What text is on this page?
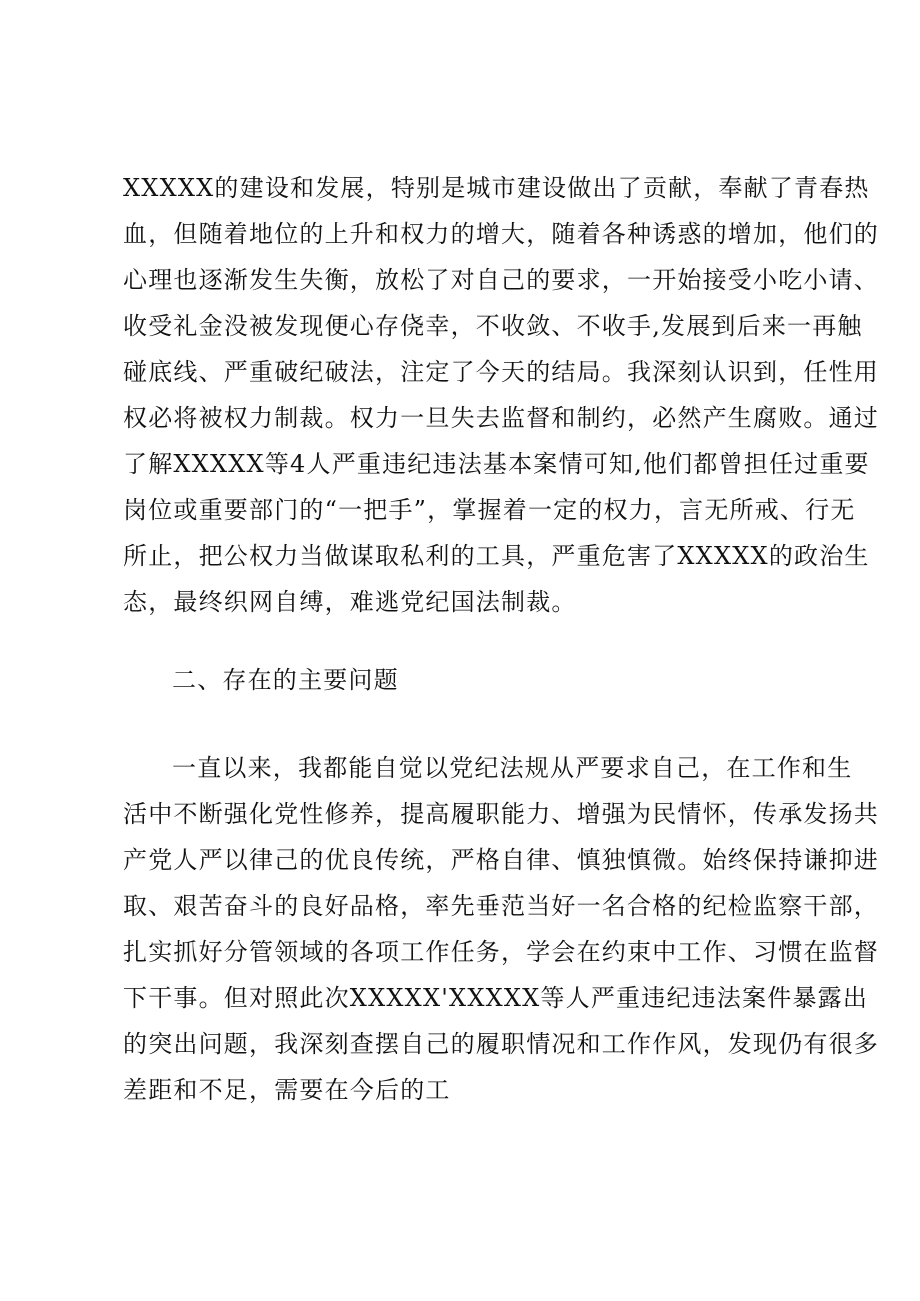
XXXXX的建设和发展，特别是城市建设做出了贡献，奉献了青春热
血，但随着地位的上升和权力的增大，随着各种诱惑的增加，他们的
心理也逐渐发生失衡，放松了对自己的要求，一开始接受小吃小请、
收受礼金没被发现便心存侥幸，不收敛、不收手,发展到后来一再触
碰底线、严重破纪破法，注定了今天的结局。我深刻认识到，任性用
权必将被权力制裁。权力一旦失去监督和制约，必然产生腐败。通过
了解XXXXX等4人严重违纪违法基本案情可知,他们都曾担任过重要
岗位或重要部门的“一把手”，掌握着一定的权力，言无所戒、行无
所止，把公权力当做谋取私利的工具，严重危害了XXXXX的政治生
态，最终织网自缚，难逃党纪国法制裁。
二、存在的主要问题
一直以来，我都能自觉以党纪法规从严要求自己，在工作和生
活中不断强化党性修养，提高履职能力、增强为民情怀，传承发扬共
产党人严以律己的优良传统，严格自律、慎独慎微。始终保持谦抑进
取、艰苦奋斗的良好品格，率先垂范当好一名合格的纪检监察干部，
扎实抓好分管领域的各项工作任务，学会在约束中工作、习惯在监督
下干事。但对照此次XXXXX'XXXXX等人严重违纪违法案件暴露出
的突出问题，我深刻查摆自己的履职情况和工作作风，发现仍有很多
差距和不足，需要在今后的工
